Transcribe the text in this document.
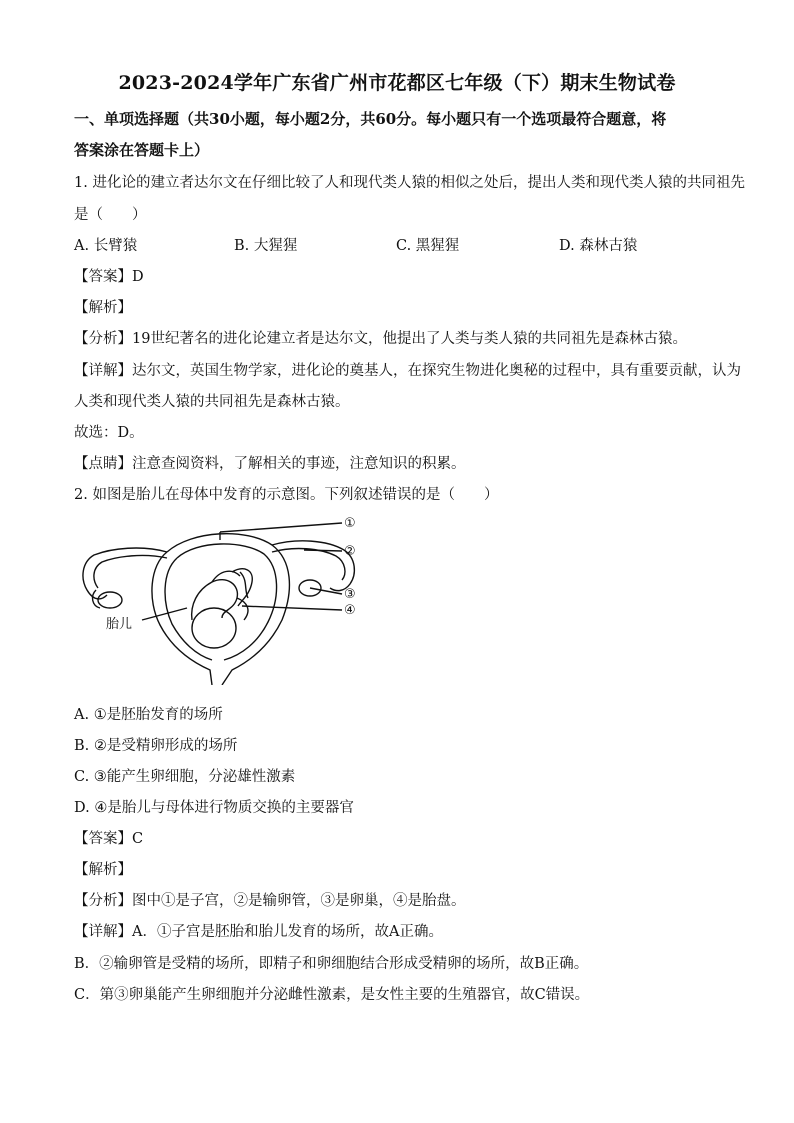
2023-2024学年广东省广州市花都区七年级（下）期末生物试卷
一、单项选择题（共30小题，每小题2分，共60分。每小题只有一个选项最符合题意，将
答案涂在答题卡上）
1. 进化论的建立者达尔文在仔细比较了人和现代类人猿的相似之处后，提出人类和现代类人猿的共同祖先
是（　　）
A. 长臂猿	B. 大猩猩	C. 黑猩猩	D. 森林古猿
【答案】D
【解析】
【分析】19世纪著名的进化论建立者是达尔文，他提出了人类与类人猿的共同祖先是森林古猿。
【详解】达尔文，英国生物学家，进化论的奠基人，在探究生物进化奥秘的过程中，具有重要贡献，认为
人类和现代类人猿的共同祖先是森林古猿。
故选：D。
【点睛】注意查阅资料，了解相关的事迹，注意知识的积累。
2. 如图是胎儿在母体中发育的示意图。下列叙述错误的是（　　）
①
②
③
④
胎儿
A. ①是胚胎发育的场所
B. ②是受精卵形成的场所
C. ③能产生卵细胞，分泌雄性激素
D. ④是胎儿与母体进行物质交换的主要器官
【答案】C
【解析】
【分析】图中①是子宫，②是输卵管，③是卵巢，④是胎盘。
【详解】A．①子宫是胚胎和胎儿发育的场所，故A正确。
B．②输卵管是受精的场所，即精子和卵细胞结合形成受精卵的场所，故B正确。
C．第③卵巢能产生卵细胞并分泌雌性激素，是女性主要的生殖器官，故C错误。
